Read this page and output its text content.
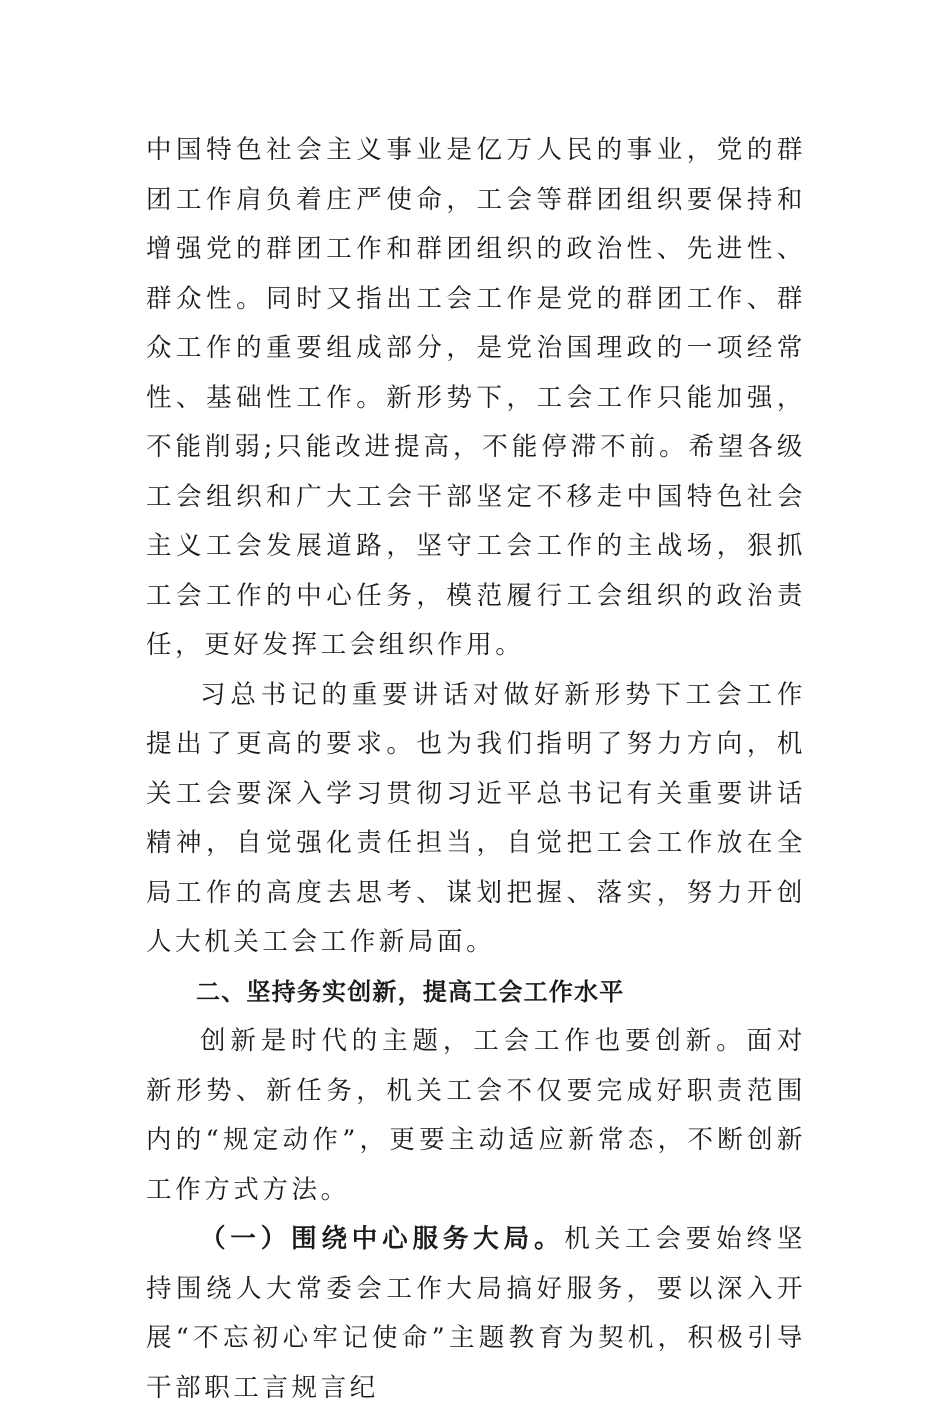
中国特色社会主义事业是亿万人民的事业，党的群团工作肩负着庄严使命，工会等群团组织要保持和增强党的群团工作和群团组织的政治性、先进性、群众性。同时又指出工会工作是党的群团工作、群众工作的重要组成部分，是党治国理政的一项经常性、基础性工作。新形势下，工会工作只能加强，不能削弱;只能改进提高，不能停滞不前。希望各级工会组织和广大工会干部坚定不移走中国特色社会主义工会发展道路，坚守工会工作的主战场，狠抓工会工作的中心任务，模范履行工会组织的政治责任，更好发挥工会组织作用。

习总书记的重要讲话对做好新形势下工会工作提出了更高的要求。也为我们指明了努力方向，机关工会要深入学习贯彻习近平总书记有关重要讲话精神，自觉强化责任担当，自觉把工会工作放在全局工作的高度去思考、谋划把握、落实，努力开创人大机关工会工作新局面。

二、坚持务实创新，提高工会工作水平

创新是时代的主题，工会工作也要创新。面对新形势、新任务，机关工会不仅要完成好职责范围内的“规定动作”，更要主动适应新常态，不断创新工作方式方法。

（一）围绕中心服务大局。机关工会要始终坚持围绕人大常委会工作大局搞好服务，要以深入开展“不忘初心牢记使命”主题教育为契机，积极引导干部职工言规言纪
